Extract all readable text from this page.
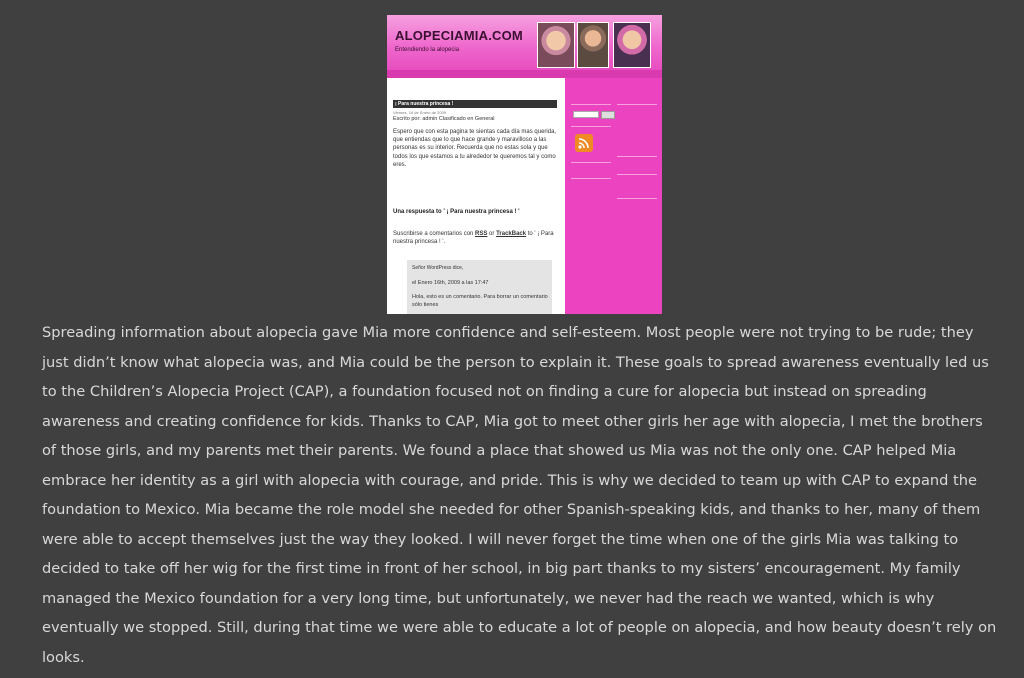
ALOPECIAMIA.COM
Entendiendo la alopecia
¡ Para nuestra princesa !
Viernes, 16 de Enero de 2009
Escrito por: admin Clasificado en General

Espero que con esta pagina te sientas cada día mas querida, que entiendas que lo que hace grande y maravilloso a las personas es su interior. Recuerda que no estas sola y que todos los que estamos a tu alrededor te queremos tal y como eres.

Una respuesta to ' ¡ Para nuestra princesa ! '
Suscribirse a comentarios con RSS or TrackBack to ' ¡ Para nuestra princesa ! '.
Señor WordPress dice,
el Enero 16th, 2009 a las 17:47

Hola, esto es un comentario. Para borrar un comentario sólo tienes

Spreading information about alopecia gave Mia more confidence and self-esteem. Most people were not trying to be rude; they just didn’t know what alopecia was, and Mia could be the person to explain it. These goals to spread awareness eventually led us to the Children’s Alopecia Project (CAP), a foundation focused not on finding a cure for alopecia but instead on spreading awareness and creating confidence for kids. Thanks to CAP, Mia got to meet other girls her age with alopecia, I met the brothers of those girls, and my parents met their parents. We found a place that showed us Mia was not the only one. CAP helped Mia embrace her identity as a girl with alopecia with courage, and pride. This is why we decided to team up with CAP to expand the foundation to Mexico. Mia became the role model she needed for other Spanish-speaking kids, and thanks to her, many of them were able to accept themselves just the way they looked. I will never forget the time when one of the girls Mia was talking to decided to take off her wig for the first time in front of her school, in big part thanks to my sisters’ encouragement. My family managed the Mexico foundation for a very long time, but unfortunately, we never had the reach we wanted, which is why eventually we stopped. Still, during that time we were able to educate a lot of people on alopecia, and how beauty doesn’t rely on looks.
